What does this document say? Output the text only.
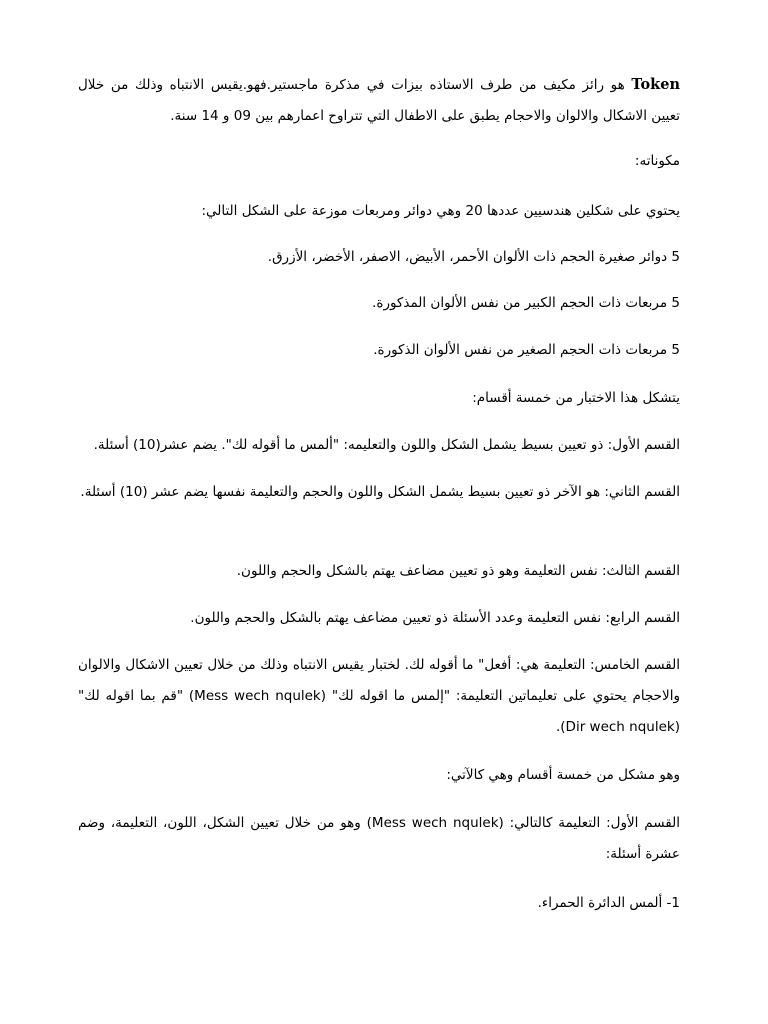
Token هو رائز مكيف من طرف الاستاذه بيزات في مذكرة ماجستير.فهو.يقيس الانتباه وذلك من خلال تعيين الاشكال والالوان والاحجام يطبق على الاطفال التي تتراوح اعمارهم بين 09 و 14 سنة.
مكوناته:
يحتوي على شكلين هندسيين عددها 20 وهي دوائر ومربعات موزعة على الشكل التالي:
5 دوائر صغيرة الحجم ذات الألوان الأحمر، الأبيض، الاصفر، الأخضر، الأزرق.
5 مربعات ذات الحجم الكبير من نفس الألوان المذكورة.
5 مربعات ذات الحجم الصغير من نفس الألوان الذكورة.
يتشكل هذا الاختبار من خمسة أقسام:
القسم الأول: ذو تعيين بسيط يشمل الشكل واللون والتعليمه: "ألمس ما أقوله لك". يضم عشر(10) أسئلة.
القسم الثاني: هو الآخر ذو تعيين بسيط يشمل الشكل واللون والحجم والتعليمة نفسها يضم عشر (10) أسئلة.
القسم الثالث: نفس التعليمة وهو ذو تعيين مضاعف يهتم بالشكل والحجم واللون.
القسم الرابع: نفس التعليمة وعدد الأسئلة ذو تعيين مضاعف يهتم بالشكل والحجم واللون.
القسم الخامس: التعليمة هي: أفعل" ما أقوله لك. لختبار يقيس الانتباه وذلك من خلال تعيين الاشكال والالوان والاحجام يحتوي على تعليماتين التعليمة: "إلمس ما اقوله لك" (Mess wech nqulek) "قم بما اقوله لك" (Dir wech nqulek).
وهو مشكل من خمسة أقسام وهي كالآتي:
القسم الأول: التعليمة كالتالي: (Mess wech nqulek) وهو من خلال تعيين الشكل، اللون، التعليمة، وضم عشرة أسئلة:
1- ألمس الدائرة الحمراء.
